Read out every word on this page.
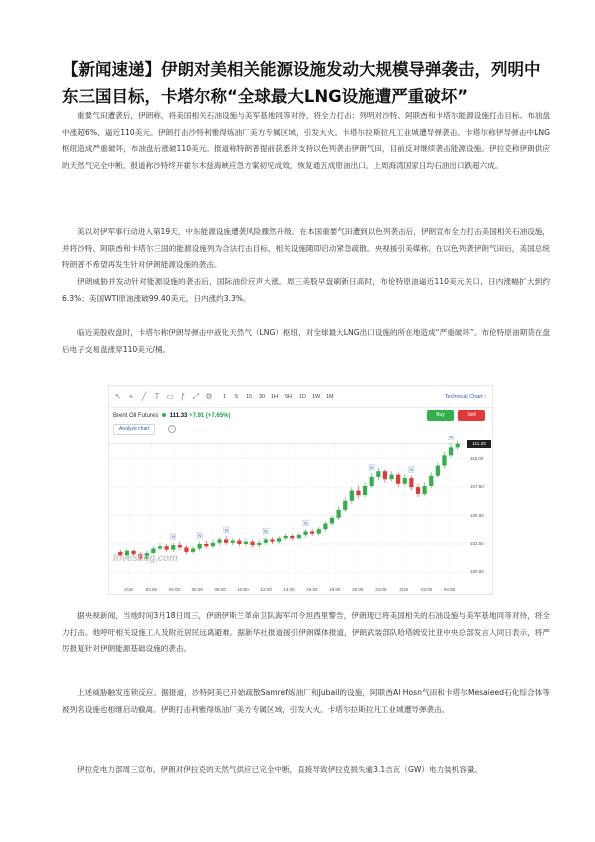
【新闻速递】伊朗对美相关能源设施发动大规模导弹袭击，列明中东三国目标，卡塔尔称“全球最大LNG设施遭严重破坏”

重要气田遭袭后，伊朗称，将美国相关石油设施与美军基地同等对待，将全力打击；列明对沙特、阿联酋和卡塔尔能源设施打击目标。布油盘中涨超6%、逼近110美元。伊朗打击沙特利雅得炼油厂美方专属区域，引发大火。卡塔尔拉斯拉凡工业城遭导弹袭击。卡塔尔称伊导弹击中LNG枢纽造成严重破坏，布油盘后涨破110美元。报道称特朗普提前获悉并支持以色列袭击伊朗气田，目前反对继续袭击能源设施。伊拉克称伊朗供应的天然气完全中断。报道称沙特终开霍尔木兹海峡应急方案初见成效，恢复通五成原油出口。上周海湾国家日均石油出口跌超六成。

美以对伊军事行动进入第19天，中东能源设施遭袭风险骤然升级。在本国重要气田遭到以色列袭击后，伊朗宣布全力打击美国相关石油设施，并将沙特、阿联酋和卡塔尔三国的能源设施列为合法打击目标，相关设施随即启动紧急疏散。央视援引美媒称，在以色列袭伊朗气田后，美国总统特朗普不希望再发生针对伊朗能源设施的袭击。

伊朗威胁并发动针对能源设施的袭击后，国际油价应声大涨。周三美股早盘刷新日高时，布伦特原油逼近110美元关口，日内涨幅扩大到约6.3%；美国WTI原油涨破99.40美元，日内涨约3.3%。

临近美股收盘时，卡塔尔称伊朗导弹击中液化天然气（LNG）枢纽，对全球最大LNG出口设施的所在地造成“严重破坏”。布伦特原油期货在盘后电子交易盘涨穿110美元/桶。

↖ +	╱	T ▭ ƒ ⤢ ⚙ 1 5 15 30 1H 5H 1D 1W 1M	Technical Chart ›
Brent Oil Futures 111.33 +7.91 (+7.65%)
Analyze chart	i
Buy	Sell
N	N
N	N
N
N	N
N
Investing.com
100.00
102.50
105.00
107.50
110.00
111.33
2/18	02:00	04:00	06:00	08:00	10:00	12:00	14:00	16:00	18:00	20:00	22:00	3/19	02:00	04:00

据央视新闻，当地时间3月18日周三，伊朗伊斯兰革命卫队海军司令坦西里警告，伊朗现已将美国相关的石油设施与美军基地同等对待，将全力打击。他呼吁相关设施工人及附近居民远离避难。据新华社报道援引伊朗媒体报道，伊朗武装部队哈塔姆安比亚中央总部发言人同日表示，将严厉报复针对伊朗能源基础设施的袭击。

上述威胁触发连锁反应。据报道，沙特阿美已开始疏散Samref炼油厂和Jubail的设施，阿联酋Al Hosn气田和卡塔尔Mesaieed石化综合体等被列名设施也相继启动撤离。伊朗打击利雅得炼油厂美方专属区域，引发大火。卡塔尔拉斯拉凡工业城遭导弹袭击。

伊拉克电力部周三宣布，伊朗对伊拉克的天然气供应已完全中断，直接导致伊拉克损失逾3.1吉瓦（GW）电力装机容量。
